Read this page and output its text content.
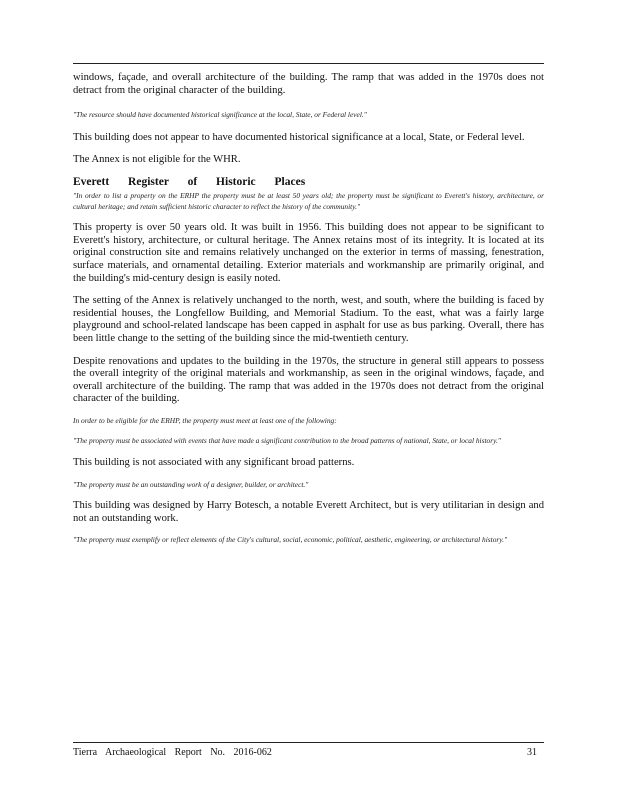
windows, façade, and overall architecture of the building. The ramp that was added in the 1970s does not detract from the original character of the building.

"The resource should have documented historical significance at the local, State, or Federal level."

This building does not appear to have documented historical significance at a local, State, or Federal level.

The Annex is not eligible for the WHR.

Everett Register of Historic Places

"In order to list a property on the ERHP the property must be at least 50 years old; the property must be significant to Everett's history, architecture, or cultural heritage; and retain sufficient historic character to reflect the history of the community."

This property is over 50 years old. It was built in 1956. This building does not appear to be significant to Everett's history, architecture, or cultural heritage. The Annex retains most of its integrity. It is located at its original construction site and remains relatively unchanged on the exterior in terms of massing, fenestration, surface materials, and ornamental detailing. Exterior materials and workmanship are primarily original, and the building's mid-century design is easily noted.

The setting of the Annex is relatively unchanged to the north, west, and south, where the building is faced by residential houses, the Longfellow Building, and Memorial Stadium. To the east, what was a fairly large playground and school-related landscape has been capped in asphalt for use as bus parking. Overall, there has been little change to the setting of the building since the mid-twentieth century.

Despite renovations and updates to the building in the 1970s, the structure in general still appears to possess the overall integrity of the original materials and workmanship, as seen in the original windows, façade, and overall architecture of the building. The ramp that was added in the 1970s does not detract from the original character of the building.

In order to be eligible for the ERHP, the property must meet at least one of the following:

"The property must be associated with events that have made a significant contribution to the broad patterns of national, State, or local history."

This building is not associated with any significant broad patterns.

"The property must be an outstanding work of a designer, builder, or architect."

This building was designed by Harry Botesch, a notable Everett Architect, but is very utilitarian in design and not an outstanding work.

"The property must exemplify or reflect elements of the City's cultural, social, economic, political, aesthetic, engineering, or architectural history."

Tierra Archaeological Report No. 2016-062	31
